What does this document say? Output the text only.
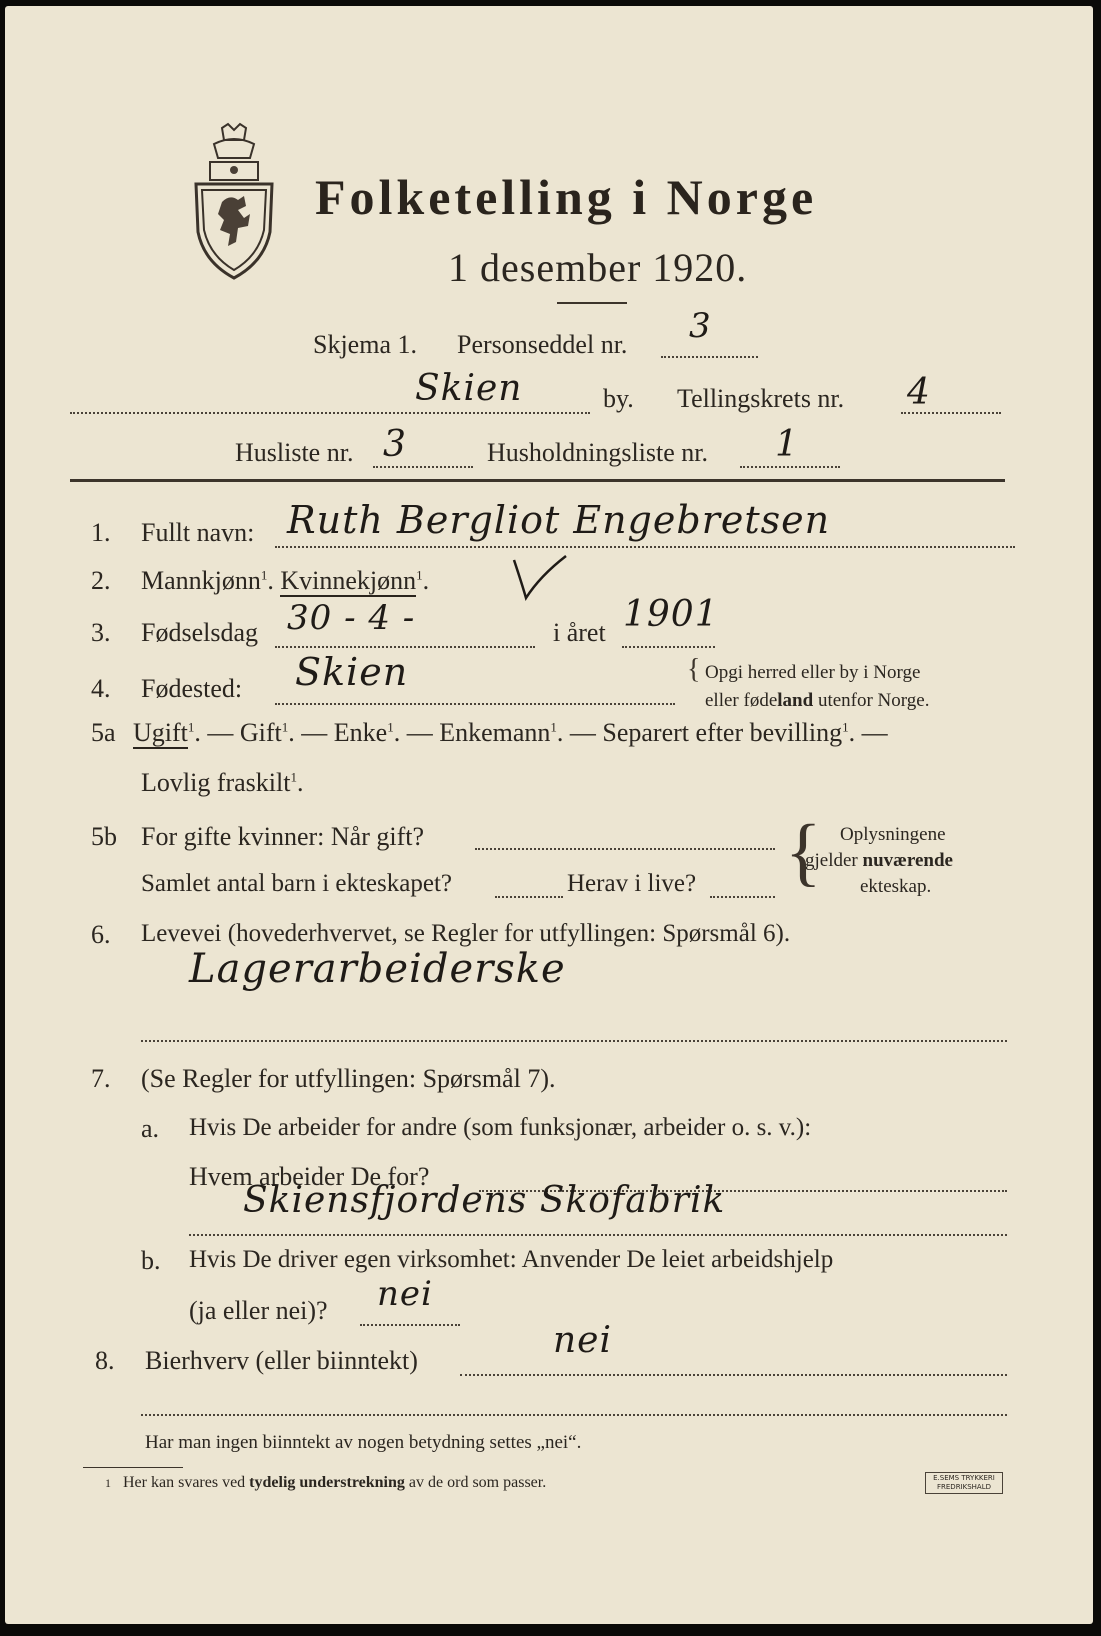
Folketelling i Norge
1 desember 1920.
Skjema 1. Personseddel nr. 3
Skien	by. Tellingskrets nr. 4
Husliste nr. 3	Husholdningsliste nr. 1
1. Fullt navn: Ruth Bergliot Engebretsen
2. Mannkjønn$^1$. Kvinnekjønn$^1$.
3. Fødselsdag 30 - 4 -	i året 1901
4. Fødested: Skien	{ Opgi herred eller by i Norge
eller fødeland utenfor Norge.
5a Ugift$^1$. — Gift$^1$. — Enke$^1$. — Enkemann$^1$. — Separert efter bevilling$^1$. —
Lovlig fraskilt$^1$.
5b For gifte kvinner: Når gift?
Samlet antal barn i ekteskapet?	Herav i live? { Oplysningene
gjelder nuværende
ekteskap.
6. Levevei (hovederhvervet, se Regler for utfyllingen: Spørsmål 6).
Lagerarbeiderske
7. (Se Regler for utfyllingen: Spørsmål 7).
a. Hvis De arbeider for andre (som funksjonær, arbeider o. s. v.):
Hvem arbeider De for?
Skiensfjordens Skofabrik
b. Hvis De driver egen virksomhet: Anvender De leiet arbeidshjelp
(ja eller nei)? nei
8. Bierhverv (eller biinntekt)	nei
Har man ingen biinntekt av nogen betydning settes „nei“.
1 Her kan svares ved tydelig understrekning av de ord som passer.	E.SEMS TRYKKERI
FREDRIKSHALD
